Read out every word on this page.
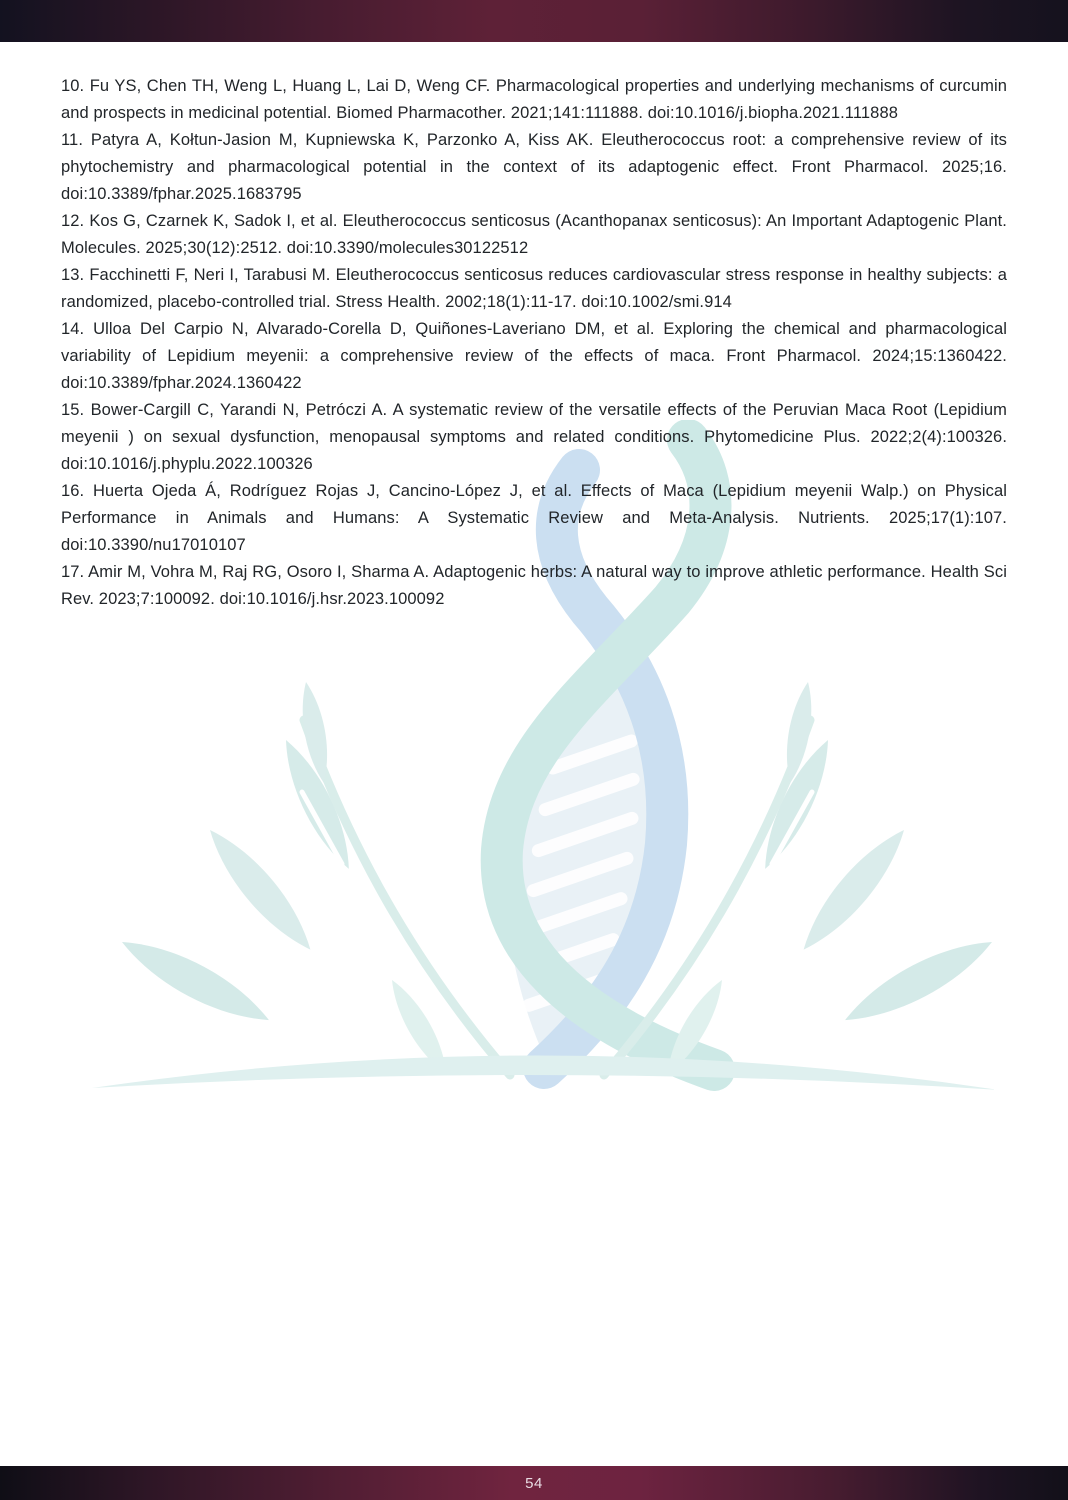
10. Fu YS, Chen TH, Weng L, Huang L, Lai D, Weng CF. Pharmacological properties and underlying mechanisms of curcumin and prospects in medicinal potential. Biomed Pharmacother. 2021;141:111888. doi:10.1016/j.biopha.2021.111888

11. Patyra A, Kołtun-Jasion M, Kupniewska K, Parzonko A, Kiss AK. Eleutherococcus root: a comprehensive review of its phytochemistry and pharmacological potential in the context of its adaptogenic effect. Front Pharmacol. 2025;16. doi:10.3389/fphar.2025.1683795

12. Kos G, Czarnek K, Sadok I, et al. Eleutherococcus senticosus (Acanthopanax senticosus): An Important Adaptogenic Plant. Molecules. 2025;30(12):2512. doi:10.3390/molecules30122512

13. Facchinetti F, Neri I, Tarabusi M. Eleutherococcus senticosus reduces cardiovascular stress response in healthy subjects: a randomized, placebo-controlled trial. Stress Health. 2002;18(1):11-17. doi:10.1002/smi.914

14. Ulloa Del Carpio N, Alvarado-Corella D, Quiñones-Laveriano DM, et al. Exploring the chemical and pharmacological variability of Lepidium meyenii: a comprehensive review of the effects of maca. Front Pharmacol. 2024;15:1360422. doi:10.3389/fphar.2024.1360422

15. Bower-Cargill C, Yarandi N, Petróczi A. A systematic review of the versatile effects of the Peruvian Maca Root (Lepidium meyenii ) on sexual dysfunction, menopausal symptoms and related conditions. Phytomedicine Plus. 2022;2(4):100326. doi:10.1016/j.phyplu.2022.100326

16. Huerta Ojeda Á, Rodríguez Rojas J, Cancino-López J, et al. Effects of Maca (Lepidium meyenii Walp.) on Physical Performance in Animals and Humans: A Systematic Review and Meta-Analysis. Nutrients. 2025;17(1):107. doi:10.3390/nu17010107

17. Amir M, Vohra M, Raj RG, Osoro I, Sharma A. Adaptogenic herbs: A natural way to improve athletic performance. Health Sci Rev. 2023;7:100092. doi:10.1016/j.hsr.2023.100092

54
